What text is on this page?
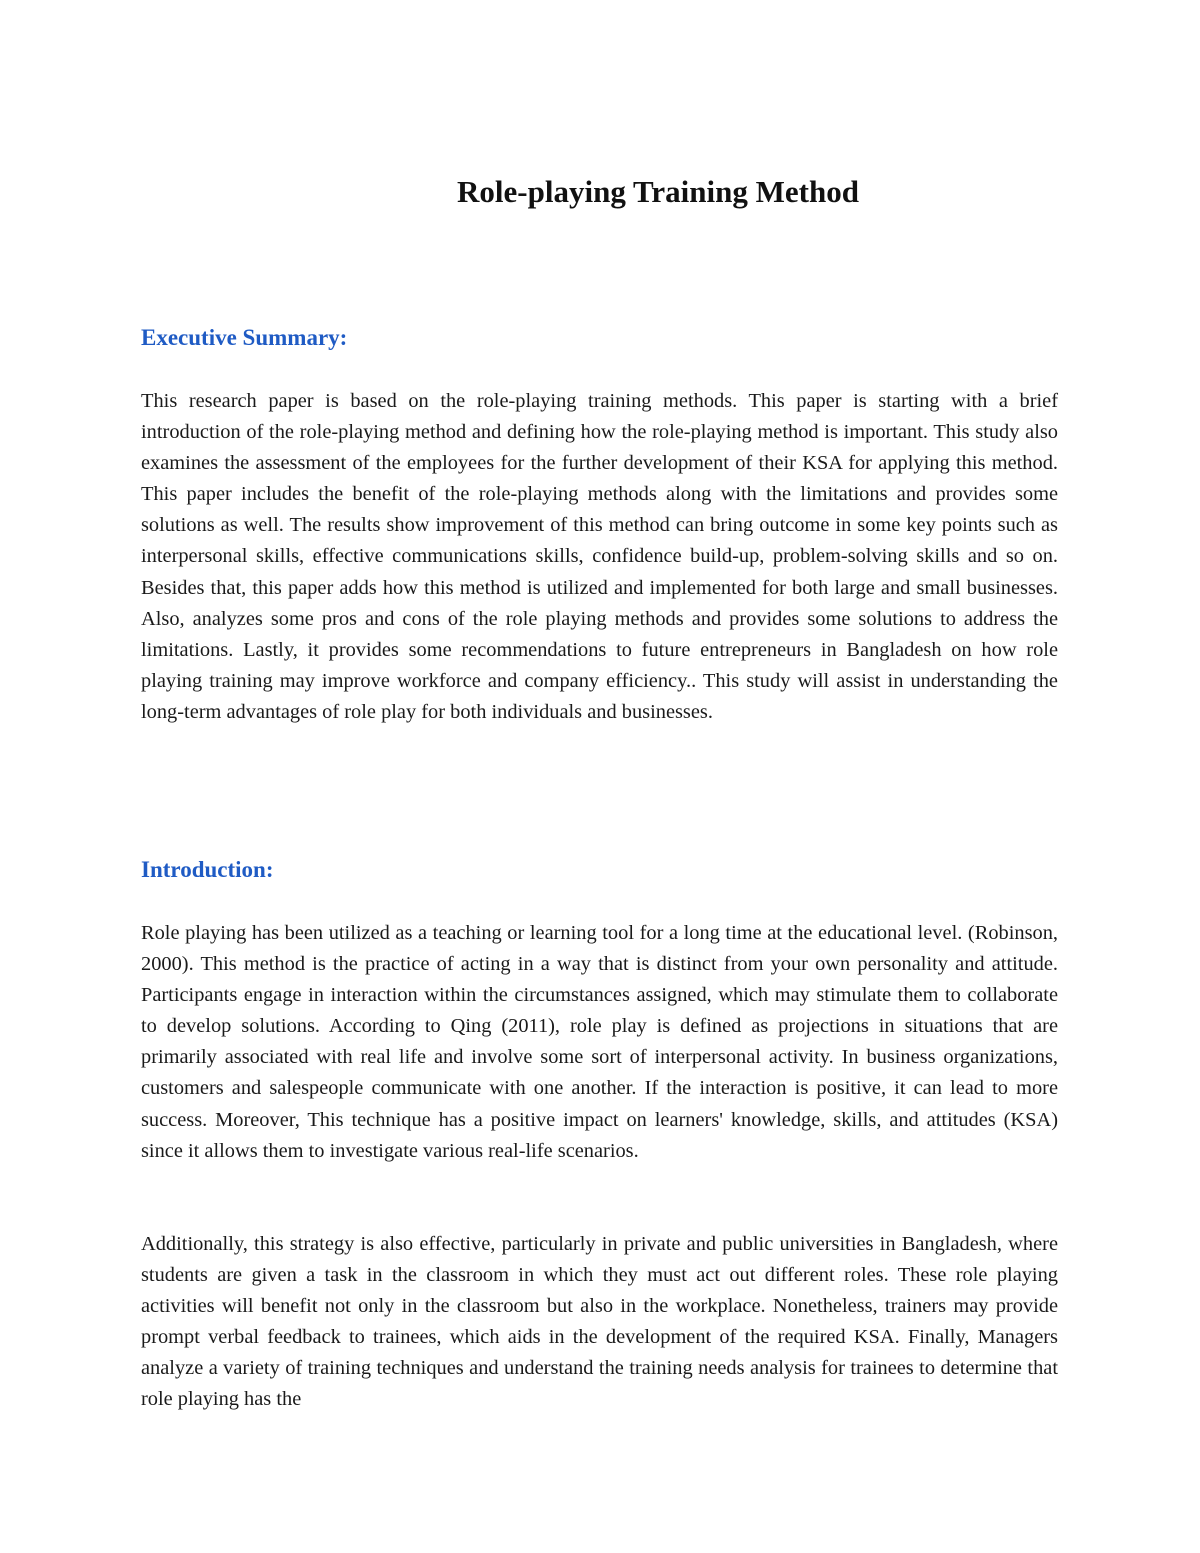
Role-playing Training Method
Executive Summary:

This research paper is based on the role-playing training methods. This paper is starting with a brief introduction of the role-playing method and defining how the role-playing method is important. This study also examines the assessment of the employees for the further development of their KSA for applying this method. This paper includes the benefit of the role-playing methods along with the limitations and provides some solutions as well. The results show improvement of this method can bring outcome in some key points such as interpersonal skills, effective communications skills, confidence build-up, problem-solving skills and so on. Besides that, this paper adds how this method is utilized and implemented for both large and small businesses. Also, analyzes some pros and cons of the role playing methods and provides some solutions to address the limitations. Lastly, it provides some recommendations to future entrepreneurs in Bangladesh on how role playing training may improve workforce and company efficiency.. This study will assist in understanding the long-term advantages of role play for both individuals and businesses.

Introduction:

Role playing has been utilized as a teaching or learning tool for a long time at the educational level. (Robinson, 2000). This method is the practice of acting in a way that is distinct from your own personality and attitude. Participants engage in interaction within the circumstances assigned, which may stimulate them to collaborate to develop solutions. According to Qing (2011), role play is defined as projections in situations that are primarily associated with real life and involve some sort of interpersonal activity. In business organizations, customers and salespeople communicate with one another. If the interaction is positive, it can lead to more success. Moreover, This technique has a positive impact on learners' knowledge, skills, and attitudes (KSA) since it allows them to investigate various real-life scenarios.

Additionally, this strategy is also effective, particularly in private and public universities in Bangladesh, where students are given a task in the classroom in which they must act out different roles. These role playing activities will benefit not only in the classroom but also in the workplace. Nonetheless, trainers may provide prompt verbal feedback to trainees, which aids in the development of the required KSA. Finally, Managers analyze a variety of training techniques and understand the training needs analysis for trainees to determine that role playing has the
